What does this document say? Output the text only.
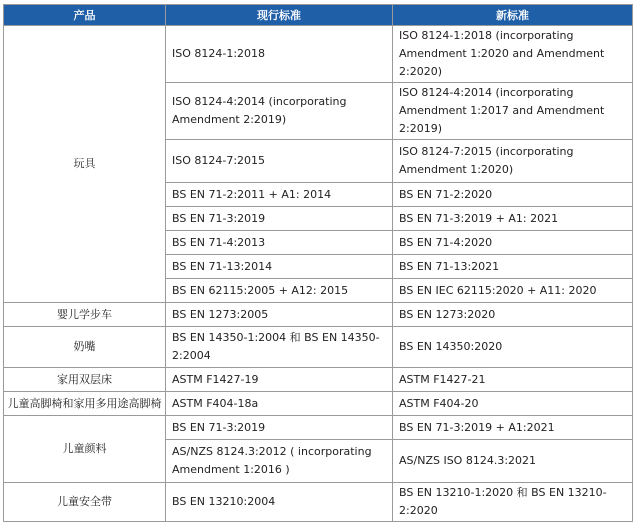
产品	现行标准	新标准
玩具	ISO 8124-1:2018	ISO 8124-1:2018 (incorporating Amendment 1:2020 and Amendment 2:2020)
	ISO 8124-4:2014 (incorporating Amendment 2:2019)	ISO 8124-4:2014 (incorporating Amendment 1:2017 and Amendment 2:2019)
	ISO 8124-7:2015	ISO 8124-7:2015 (incorporating Amendment 1:2020)
	BS EN 71-2:2011 + A1: 2014	BS EN 71-2:2020
	BS EN 71-3:2019	BS EN 71-3:2019 + A1: 2021
	BS EN 71-4:2013	BS EN 71-4:2020
	BS EN 71-13:2014	BS EN 71-13:2021
	BS EN 62115:2005 + A12: 2015	BS EN IEC 62115:2020 + A11: 2020
婴儿学步车	BS EN 1273:2005	BS EN 1273:2020
奶嘴	BS EN 14350-1:2004 和 BS EN 14350-2:2004	BS EN 14350:2020
家用双层床	ASTM F1427-19	ASTM F1427-21
儿童高脚椅和家用多用途高脚椅	ASTM F404-18a	ASTM F404-20
儿童颜料	BS EN 71-3:2019	BS EN 71-3:2019 + A1:2021
	AS/NZS 8124.3:2012 ( incorporating Amendment 1:2016 )	AS/NZS ISO 8124.3:2021
儿童安全带	BS EN 13210:2004	BS EN 13210-1:2020 和 BS EN 13210-2:2020
